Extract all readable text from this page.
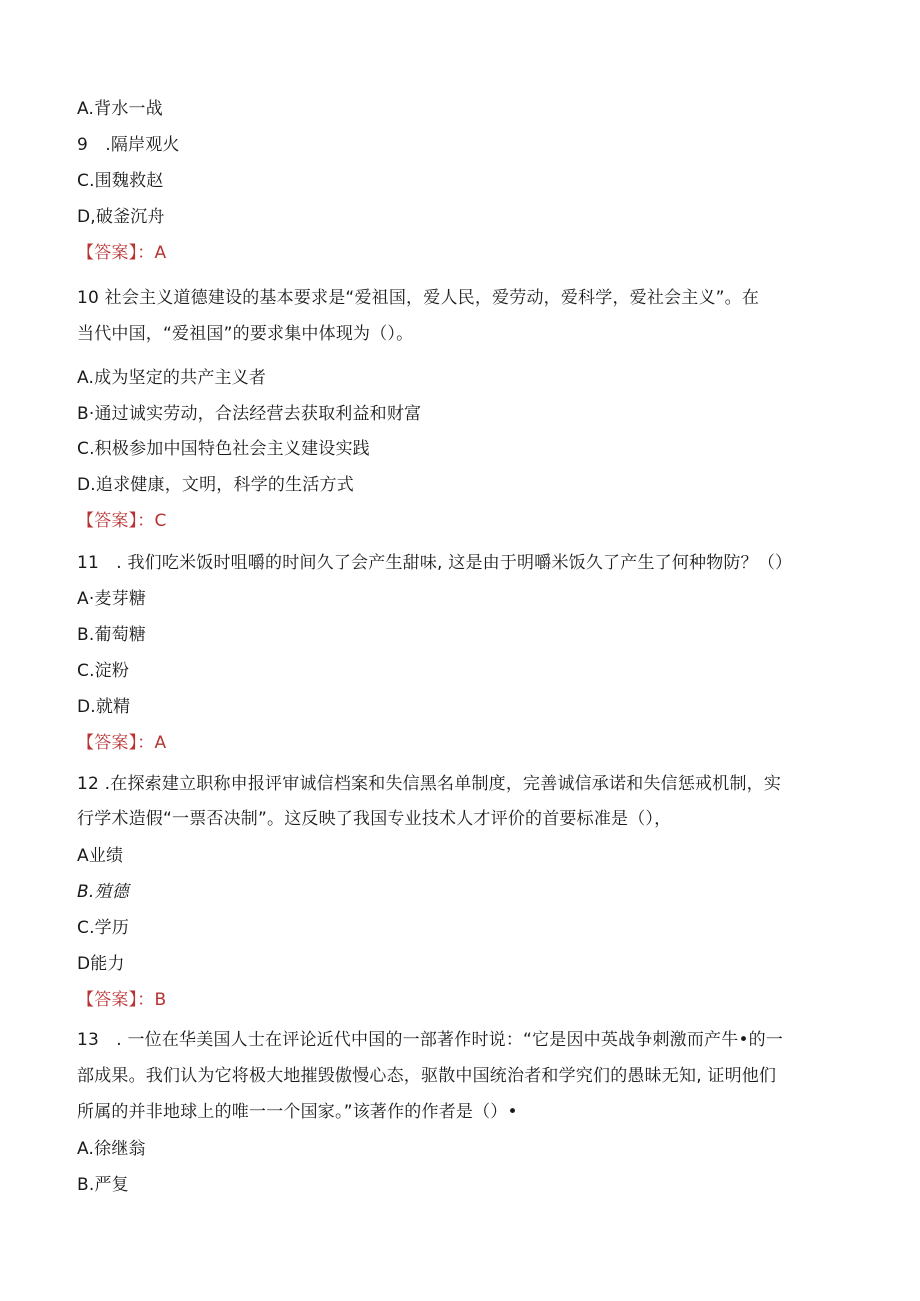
A.背水一战
9　.隔岸观火
C.围魏救赵
D,破釜沉舟
【答案】：A
10 社会主义道德建设的基本要求是“爱祖国，爱人民，爱劳动，爱科学，爱社会主义”。在
当代中国，“爱祖国”的要求集中体现为（）。
A.成为坚定的共产主义者
B·通过诚实劳动，合法经营去获取利益和财富
C.积极参加中国特色社会主义建设实践
D.追求健康，文明，科学的生活方式
【答案】：C
11　. 我们吃米饭时咀嚼的时间久了会产生甜味, 这是由于明嚼米饭久了产生了何种物防？（）
A·麦芽糖
B.葡萄糖
C.淀粉
D.就精
【答案】：A
12 .在探索建立职称申报评审诚信档案和失信黑名单制度，完善诚信承诺和失信惩戒机制，实
行学术造假“一票否决制”。这反映了我国专业技术人才评价的首要标准是（），
A业绩
B.殖德
C.学历
D能力
【答案】：B
13　. 一位在华美国人士在评论近代中国的一部著作时说：“它是因中英战争刺激而产牛•的一
部成果。我们认为它将极大地摧毁傲慢心态，驱散中国统治者和学究们的愚昧无知, 证明他们
所属的并非地球上的唯一一个国家。”该著作的作者是（）•
A.徐继翁
B.严复
